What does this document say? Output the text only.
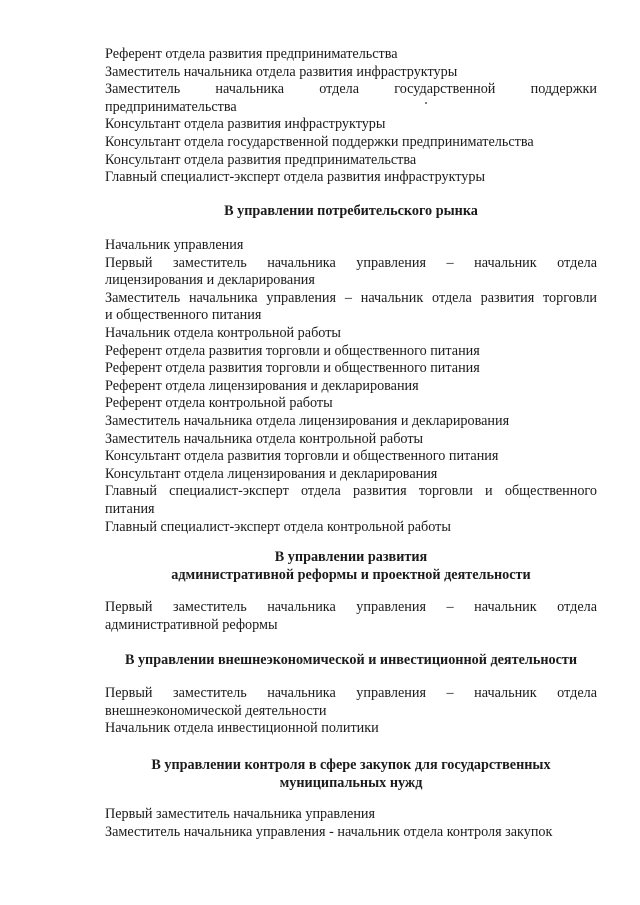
Референт отдела развития предпринимательства

Заместитель начальника отдела развития инфраструктуры

Заместитель начальника отдела государственной поддержки

предпринимательства

Консультант отдела развития инфраструктуры

Консультант отдела государственной поддержки предпринимательства

Консультант отдела развития предпринимательства

Главный специалист-эксперт отдела развития инфраструктуры

В управлении потребительского рынка

Начальник управления

Первый заместитель начальника управления – начальник отдела

лицензирования и декларирования

Заместитель начальника управления – начальник отдела развития торговли

и общественного питания

Начальник отдела контрольной работы

Референт отдела развития торговли и общественного питания

Референт отдела развития торговли и общественного питания

Референт отдела лицензирования и декларирования

Референт отдела контрольной работы

Заместитель начальника отдела лицензирования и декларирования

Заместитель начальника отдела контрольной работы

Консультант отдела развития торговли и общественного питания

Консультант отдела лицензирования и декларирования

Главный специалист-эксперт отдела развития торговли и общественного

питания

Главный специалист-эксперт отдела контрольной работы

В управлении развития

административной реформы и проектной деятельности

Первый заместитель начальника управления – начальник отдела

административной реформы

В управлении внешнеэкономической и инвестиционной деятельности

Первый заместитель начальника управления – начальник отдела

внешнеэкономической деятельности

Начальник отдела инвестиционной политики

В управлении контроля в сфере закупок для государственных

муниципальных нужд

Первый заместитель начальника управления

Заместитель начальника управления - начальник отдела контроля закупок
